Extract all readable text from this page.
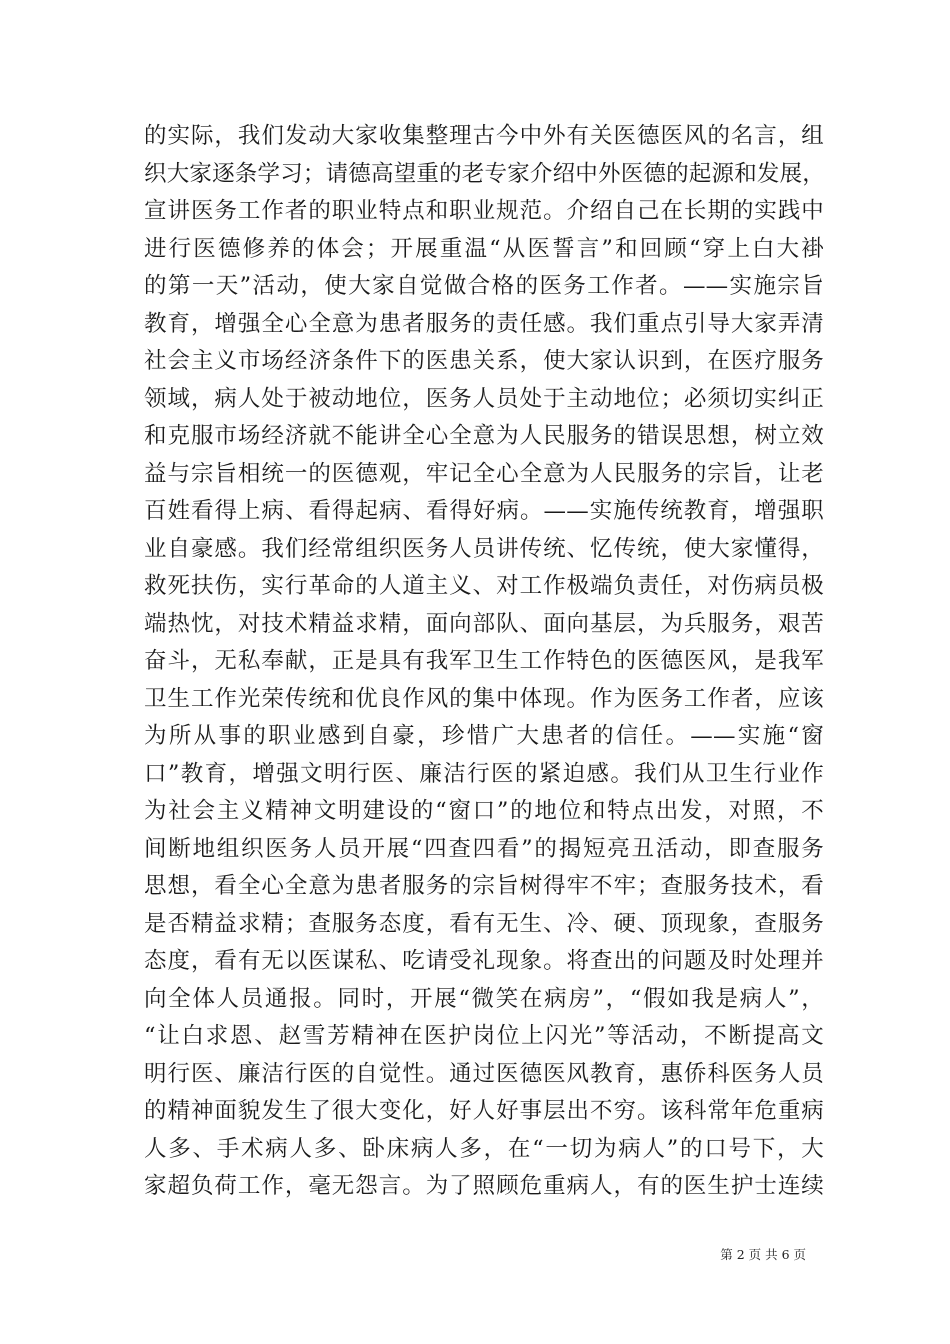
的实际，我们发动大家收集整理古今中外有关医德医风的名言，组
织大家逐条学习；请德高望重的老专家介绍中外医德的起源和发展，
宣讲医务工作者的职业特点和职业规范。介绍自己在长期的实践中
进行医德修养的体会；开展重温“从医誓言”和回顾“穿上白大褂
的第一天”活动，使大家自觉做合格的医务工作者。——实施宗旨
教育，增强全心全意为患者服务的责任感。我们重点引导大家弄清
社会主义市场经济条件下的医患关系，使大家认识到，在医疗服务
领域，病人处于被动地位，医务人员处于主动地位；必须切实纠正
和克服市场经济就不能讲全心全意为人民服务的错误思想，树立效
益与宗旨相统一的医德观，牢记全心全意为人民服务的宗旨，让老
百姓看得上病、看得起病、看得好病。——实施传统教育，增强职
业自豪感。我们经常组织医务人员讲传统、忆传统，使大家懂得，
救死扶伤，实行革命的人道主义、对工作极端负责任，对伤病员极
端热忱，对技术精益求精，面向部队、面向基层，为兵服务，艰苦
奋斗，无私奉献，正是具有我军卫生工作特色的医德医风，是我军
卫生工作光荣传统和优良作风的集中体现。作为医务工作者，应该
为所从事的职业感到自豪，珍惜广大患者的信任。——实施“窗
口”教育，增强文明行医、廉洁行医的紧迫感。我们从卫生行业作
为社会主义精神文明建设的“窗口”的地位和特点出发，对照，不
间断地组织医务人员开展“四查四看”的揭短亮丑活动，即查服务
思想，看全心全意为患者服务的宗旨树得牢不牢；查服务技术，看
是否精益求精；查服务态度，看有无生、冷、硬、顶现象，查服务
态度，看有无以医谋私、吃请受礼现象。将查出的问题及时处理并
向全体人员通报。同时，开展“微笑在病房”，“假如我是病人”，
“让白求恩、赵雪芳精神在医护岗位上闪光”等活动，不断提高文
明行医、廉洁行医的自觉性。通过医德医风教育，惠侨科医务人员
的精神面貌发生了很大变化，好人好事层出不穷。该科常年危重病
人多、手术病人多、卧床病人多，在“一切为病人”的口号下，大
家超负荷工作，毫无怨言。为了照顾危重病人，有的医生护士连续
第 2 页 共 6 页
